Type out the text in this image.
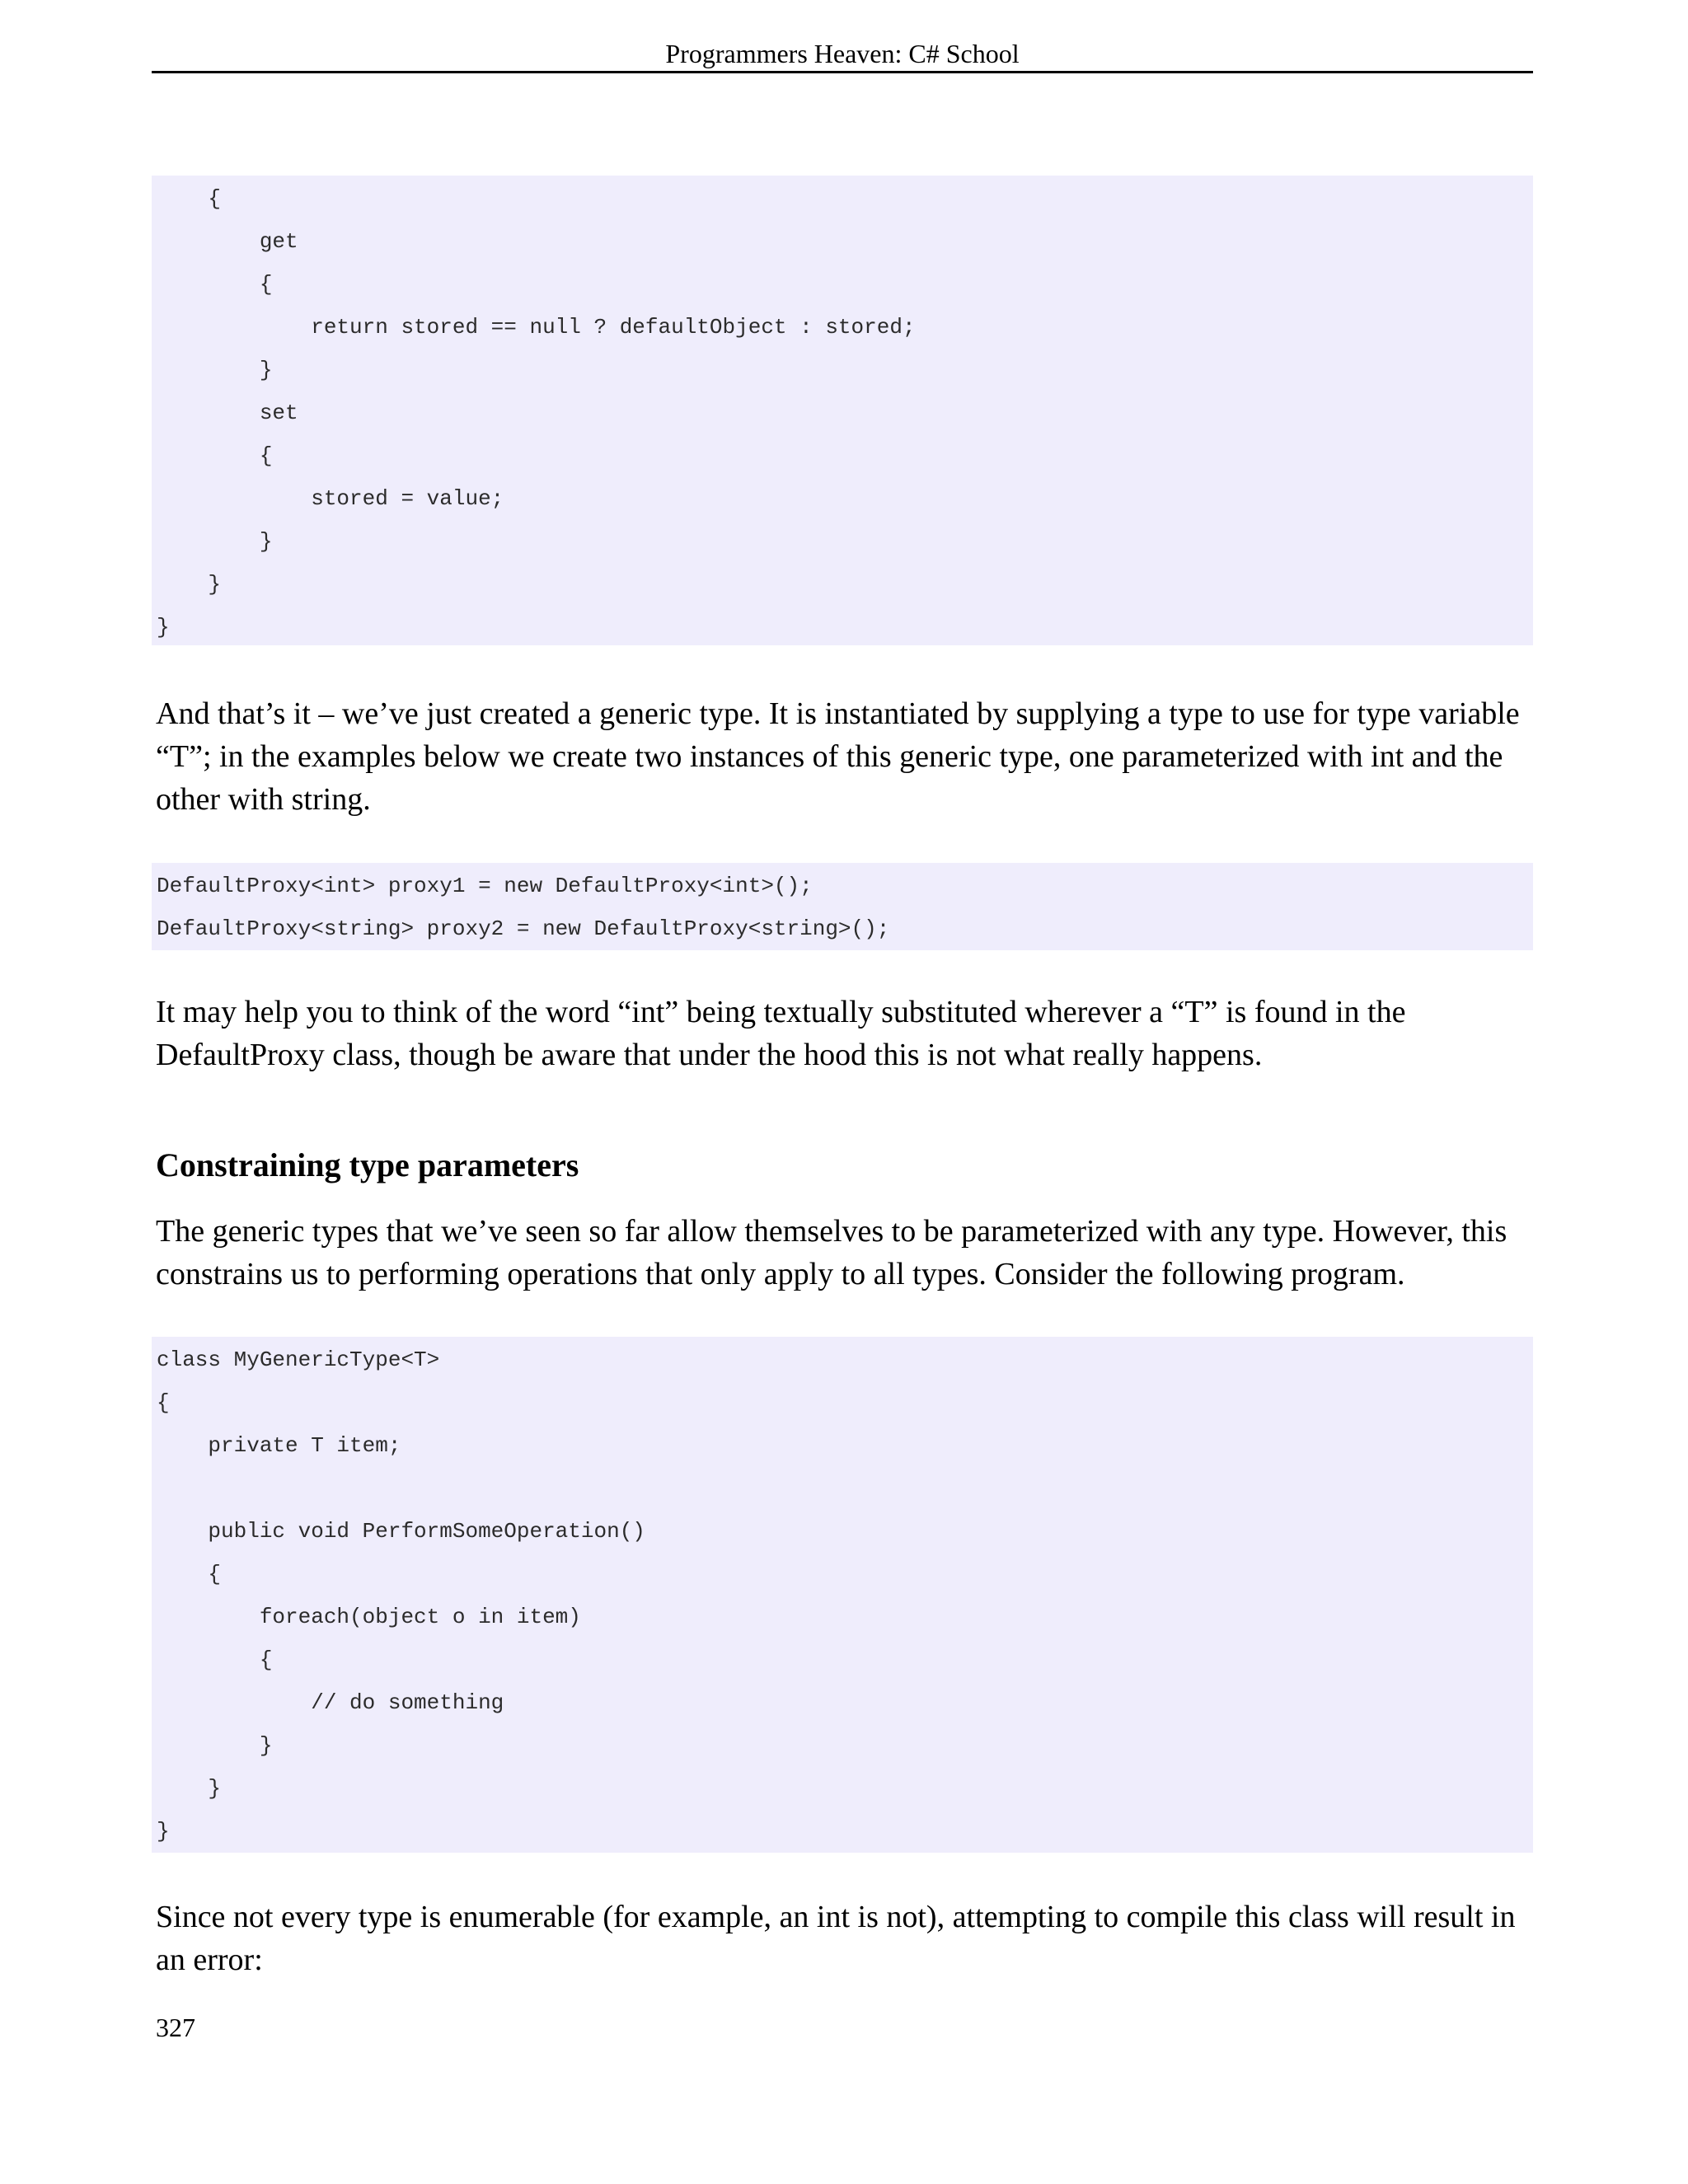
Programmers Heaven: C# School
{
get
{
return stored == null ? defaultObject : stored;
}
set
{
stored = value;
}
}
}
And that’s it – we’ve just created a generic type. It is instantiated by supplying a type to use for type variable “T”; in the examples below we create two instances of this generic type, one parameterized with int and the other with string.
DefaultProxy<int> proxy1 = new DefaultProxy<int>();
DefaultProxy<string> proxy2 = new DefaultProxy<string>();
It may help you to think of the word “int” being textually substituted wherever a “T” is found in the DefaultProxy class, though be aware that under the hood this is not what really happens.
Constraining type parameters
The generic types that we’ve seen so far allow themselves to be parameterized with any type. However, this constrains us to performing operations that only apply to all types. Consider the following program.
class MyGenericType<T>
{
private T item;
public void PerformSomeOperation()
{
foreach(object o in item)
{
// do something
}
}
}
Since not every type is enumerable (for example, an int is not), attempting to compile this class will result in an error:
327
